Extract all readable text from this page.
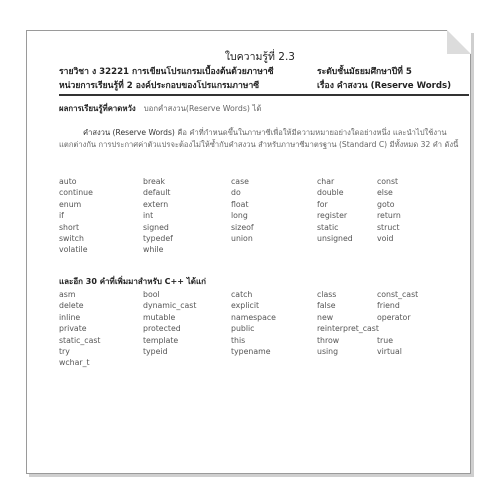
ใบความรู้ที่ 2.3
รายวิชา ง 32221 การเขียนโปรแกรมเบื้องต้นด้วยภาษาซี	ระดับชั้นมัธยมศึกษาปีที่ 5
หน่วยการเรียนรู้ที่ 2 องค์ประกอบของโปรแกรมภาษาซี	เรื่อง คำสงวน (Reserve Words)
ผลการเรียนรู้ที่คาดหวัง บอกคำสงวน(Reserve Words) ได้
คำสงวน (Reserve Words) คือ คำที่กำหนดขึ้นในภาษาซีเพื่อให้มีความหมายอย่างใดอย่างหนึ่ง และนำไปใช้งานแตกต่างกัน การประกาศค่าตัวแปรจะต้องไม่ให้ซ้ำกับคำสงวน สำหรับภาษาซีมาตรฐาน (Standard C) มีทั้งหมด 32 คำ ดังนี้
auto	break	case	char	const
continue	default	do	double	else
enum	extern	float	for	goto
if	int	long	register	return
short	signed	sizeof	static	struct
switch	typedef	union	unsigned	void
volatile	while
และอีก 30 คำที่เพิ่มมาสำหรับ C++ ได้แก่
asm	bool	catch	class	const_cast
delete	dynamic_cast	explicit	false	friend
inline	mutable	namespace	new	operator
private	protected	public	reinterpret_cast
static_cast	template	this	throw	true
try	typeid	typename	using	virtual
wchar_t
